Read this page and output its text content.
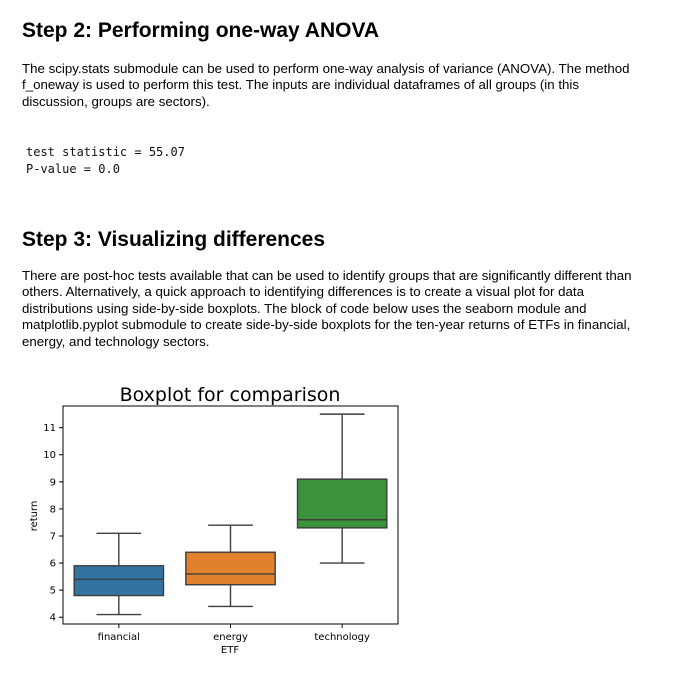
Step 2: Performing one-way ANOVA

The scipy.stats submodule can be used to perform one-way analysis of variance (ANOVA). The method f_oneway is used to perform this test. The inputs are individual dataframes of all groups (in this discussion, groups are sectors).

test statistic = 55.07
P-value = 0.0
Step 3: Visualizing differences

There are post-hoc tests available that can be used to identify groups that are significantly different than others. Alternatively, a quick approach to identifying differences is to create a visual plot for data distributions using side-by-side boxplots. The block of code below uses the seaborn module and matplotlib.pyplot submodule to create side-by-side boxplots for the ten-year returns of ETFs in financial, energy, and technology sectors.

Boxplot for comparison
4
5
6
7
8
9
10
11
financial	energy	technology
ETF
return
